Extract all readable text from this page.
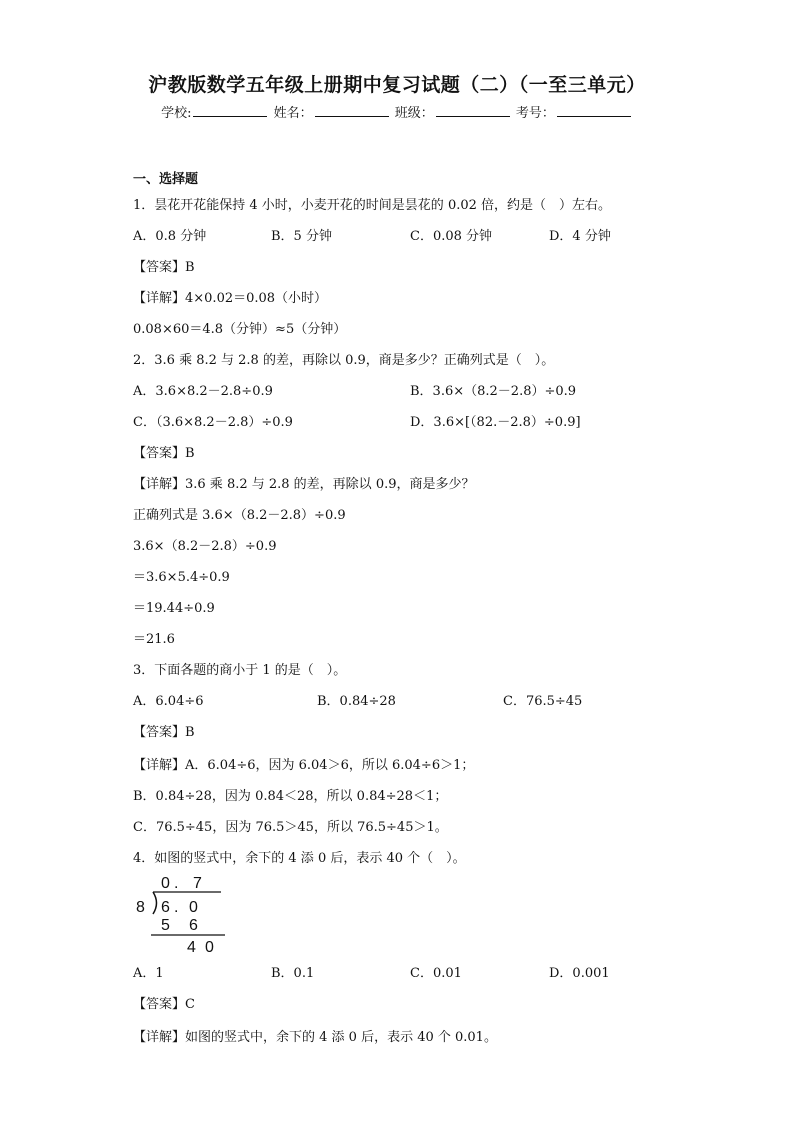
沪教版数学五年级上册期中复习试题（二）（一至三单元）
学校:	姓名：	班级：	考号：
一、选择题
1．昙花开花能保持 4 小时，小麦开花的时间是昙花的 0.02 倍，约是（　）左右。
A．0.8 分钟	B．5 分钟	C．0.08 分钟	D．4 分钟
【答案】B
【详解】4×0.02＝0.08（小时）
0.08×60＝4.8（分钟）≈5（分钟）
2．3.6 乘 8.2 与 2.8 的差，再除以 0.9，商是多少？正确列式是（　）。
A．3.6×8.2－2.8÷0.9	B．3.6×（8.2－2.8）÷0.9
C．（3.6×8.2－2.8）÷0.9	D．3.6×[（82.－2.8）÷0.9]
【答案】B
【详解】3.6 乘 8.2 与 2.8 的差，再除以 0.9，商是多少？
正确列式是 3.6×（8.2－2.8）÷0.9
3.6×（8.2－2.8）÷0.9
＝3.6×5.4÷0.9
＝19.44÷0.9
＝21.6
3．下面各题的商小于 1 的是（　）。
A．6.04÷6	B．0.84÷28	C．76.5÷45
【答案】B
【详解】A．6.04÷6，因为 6.04＞6，所以 6.04÷6＞1；
B．0.84÷28，因为 0.84＜28，所以 0.84÷28＜1；
C．76.5÷45，因为 76.5＞45，所以 76.5÷45＞1。
4．如图的竖式中，余下的 4 添 0 后，表示 40 个（　）。
0 . 7
8 6 . 0
5 6
4 0
A．1	B．0.1	C．0.01	D．0.001
【答案】C
【详解】如图的竖式中，余下的 4 添 0 后，表示 40 个 0.01。
